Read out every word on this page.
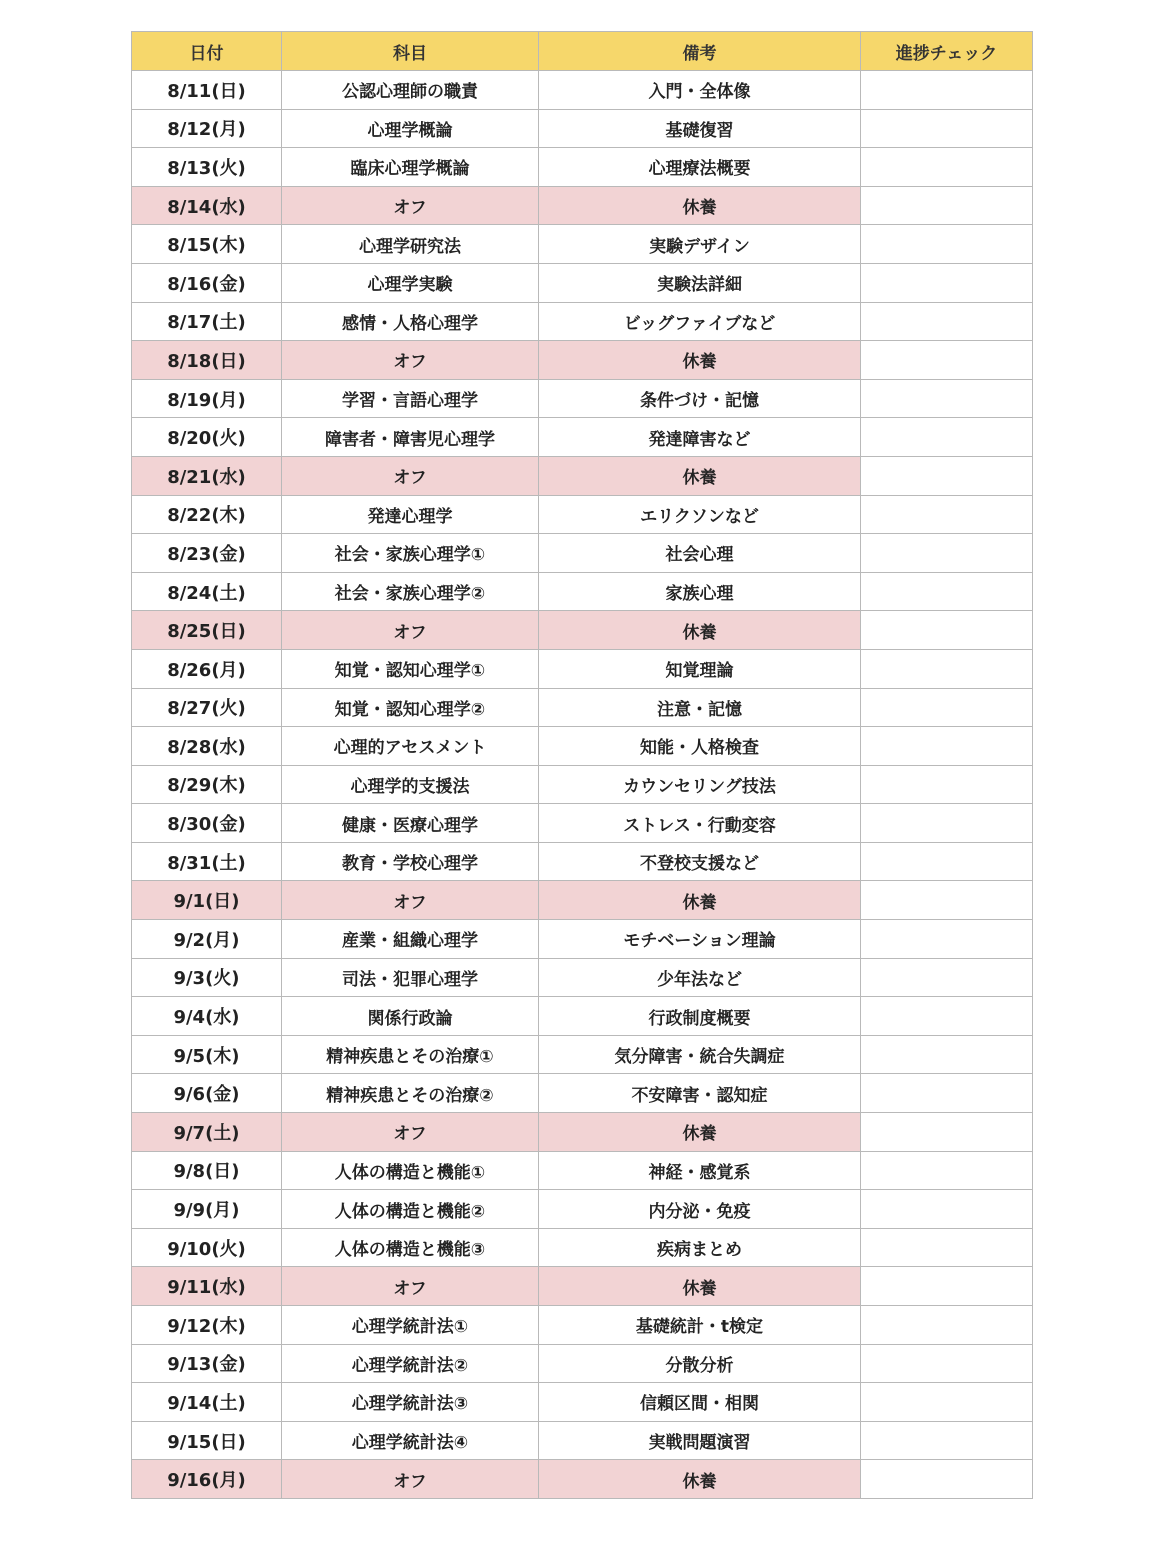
日付	科目	備考	進捗チェック
8/11(日)	公認心理師の職責	入門・全体像	
8/12(月)	心理学概論	基礎復習	
8/13(火)	臨床心理学概論	心理療法概要	
8/14(水)	オフ	休養	
8/15(木)	心理学研究法	実験デザイン	
8/16(金)	心理学実験	実験法詳細	
8/17(土)	感情・人格心理学	ビッグファイブなど	
8/18(日)	オフ	休養	
8/19(月)	学習・言語心理学	条件づけ・記憶	
8/20(火)	障害者・障害児心理学	発達障害など	
8/21(水)	オフ	休養	
8/22(木)	発達心理学	エリクソンなど	
8/23(金)	社会・家族心理学①	社会心理	
8/24(土)	社会・家族心理学②	家族心理	
8/25(日)	オフ	休養	
8/26(月)	知覚・認知心理学①	知覚理論	
8/27(火)	知覚・認知心理学②	注意・記憶	
8/28(水)	心理的アセスメント	知能・人格検査	
8/29(木)	心理学的支援法	カウンセリング技法	
8/30(金)	健康・医療心理学	ストレス・行動変容	
8/31(土)	教育・学校心理学	不登校支援など	
9/1(日)	オフ	休養	
9/2(月)	産業・組織心理学	モチベーション理論	
9/3(火)	司法・犯罪心理学	少年法など	
9/4(水)	関係行政論	行政制度概要	
9/5(木)	精神疾患とその治療①	気分障害・統合失調症	
9/6(金)	精神疾患とその治療②	不安障害・認知症	
9/7(土)	オフ	休養	
9/8(日)	人体の構造と機能①	神経・感覚系	
9/9(月)	人体の構造と機能②	内分泌・免疫	
9/10(火)	人体の構造と機能③	疾病まとめ	
9/11(水)	オフ	休養	
9/12(木)	心理学統計法①	基礎統計・t検定	
9/13(金)	心理学統計法②	分散分析	
9/14(土)	心理学統計法③	信頼区間・相関	
9/15(日)	心理学統計法④	実戦問題演習	
9/16(月)	オフ	休養	
